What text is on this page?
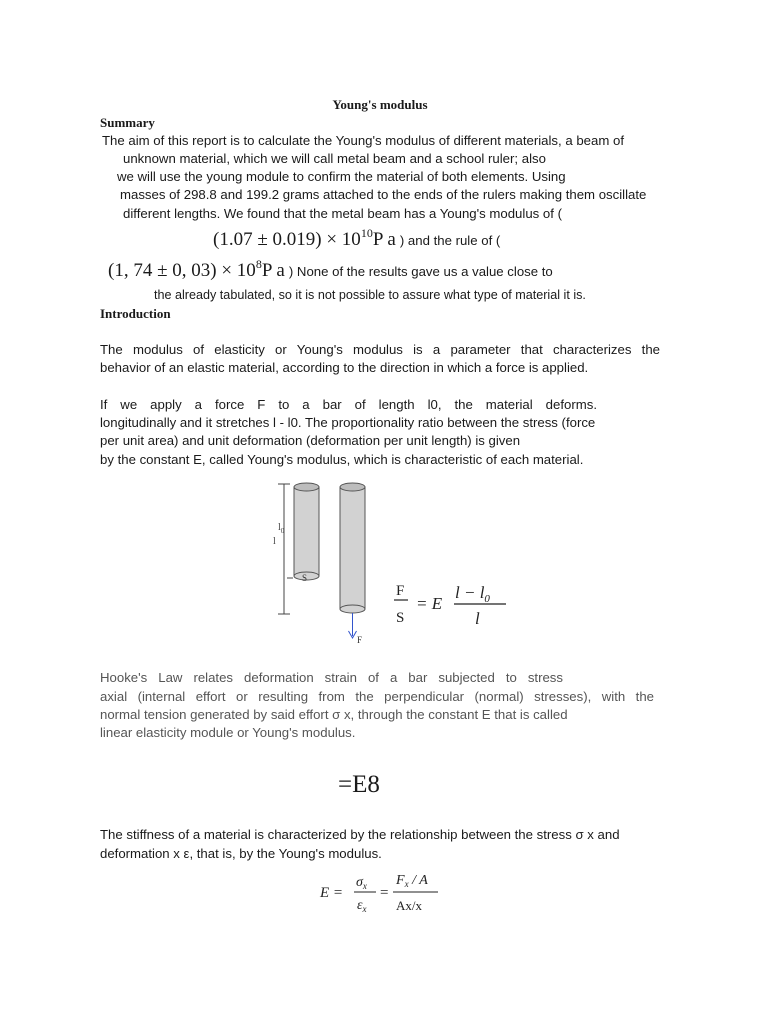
Young's modulus
Summary
The aim of this report is to calculate the Young's modulus of different materials, a beam of
unknown material, which we will call metal beam and a school ruler; also
we will use the young module to confirm the material of both elements. Using
masses of 298.8 and 199.2 grams attached to the ends of the rulers making them oscillate
different lengths. We found that the metal beam has a Young's modulus of (
$(1.07 \pm 0.019) \times 10^{10}P$ a ) and the rule of (
(1, 74 ± 0, $03) \times 10^8P$ a ) None of the results gave us a value close to
the already tabulated, so it is not possible to assure what type of material it is.
Introduction
The modulus of elasticity or Young's modulus is a parameter that characterizes the
behavior of an elastic material, according to the direction in which a force is applied.
If we apply a force F to a bar of length l0, the material deforms.
longitudinally and it stretches l - l0. The proportionality ratio between the stress (force
per unit area) and unit deformation (deformation per unit length) is given
by the constant E, called Young's modulus, which is characteristic of each material.
l
$l_0$
S
F
F
S
= E
$l - l_0$
l
Hooke's Law relates deformation strain of a bar subjected to stress
axial (internal effort or resulting from the perpendicular (normal) stresses), with the
normal tension generated by said effort σ x, through the constant E that is called
linear elasticity module or Young's modulus.
=E8
The stiffness of a material is characterized by the relationship between the stress σ x and
deformation x ε, that is, by the Young's modulus.
E =
$\sigma_x$
$\varepsilon_x$
=
$F_x$ / A
Ax/x
